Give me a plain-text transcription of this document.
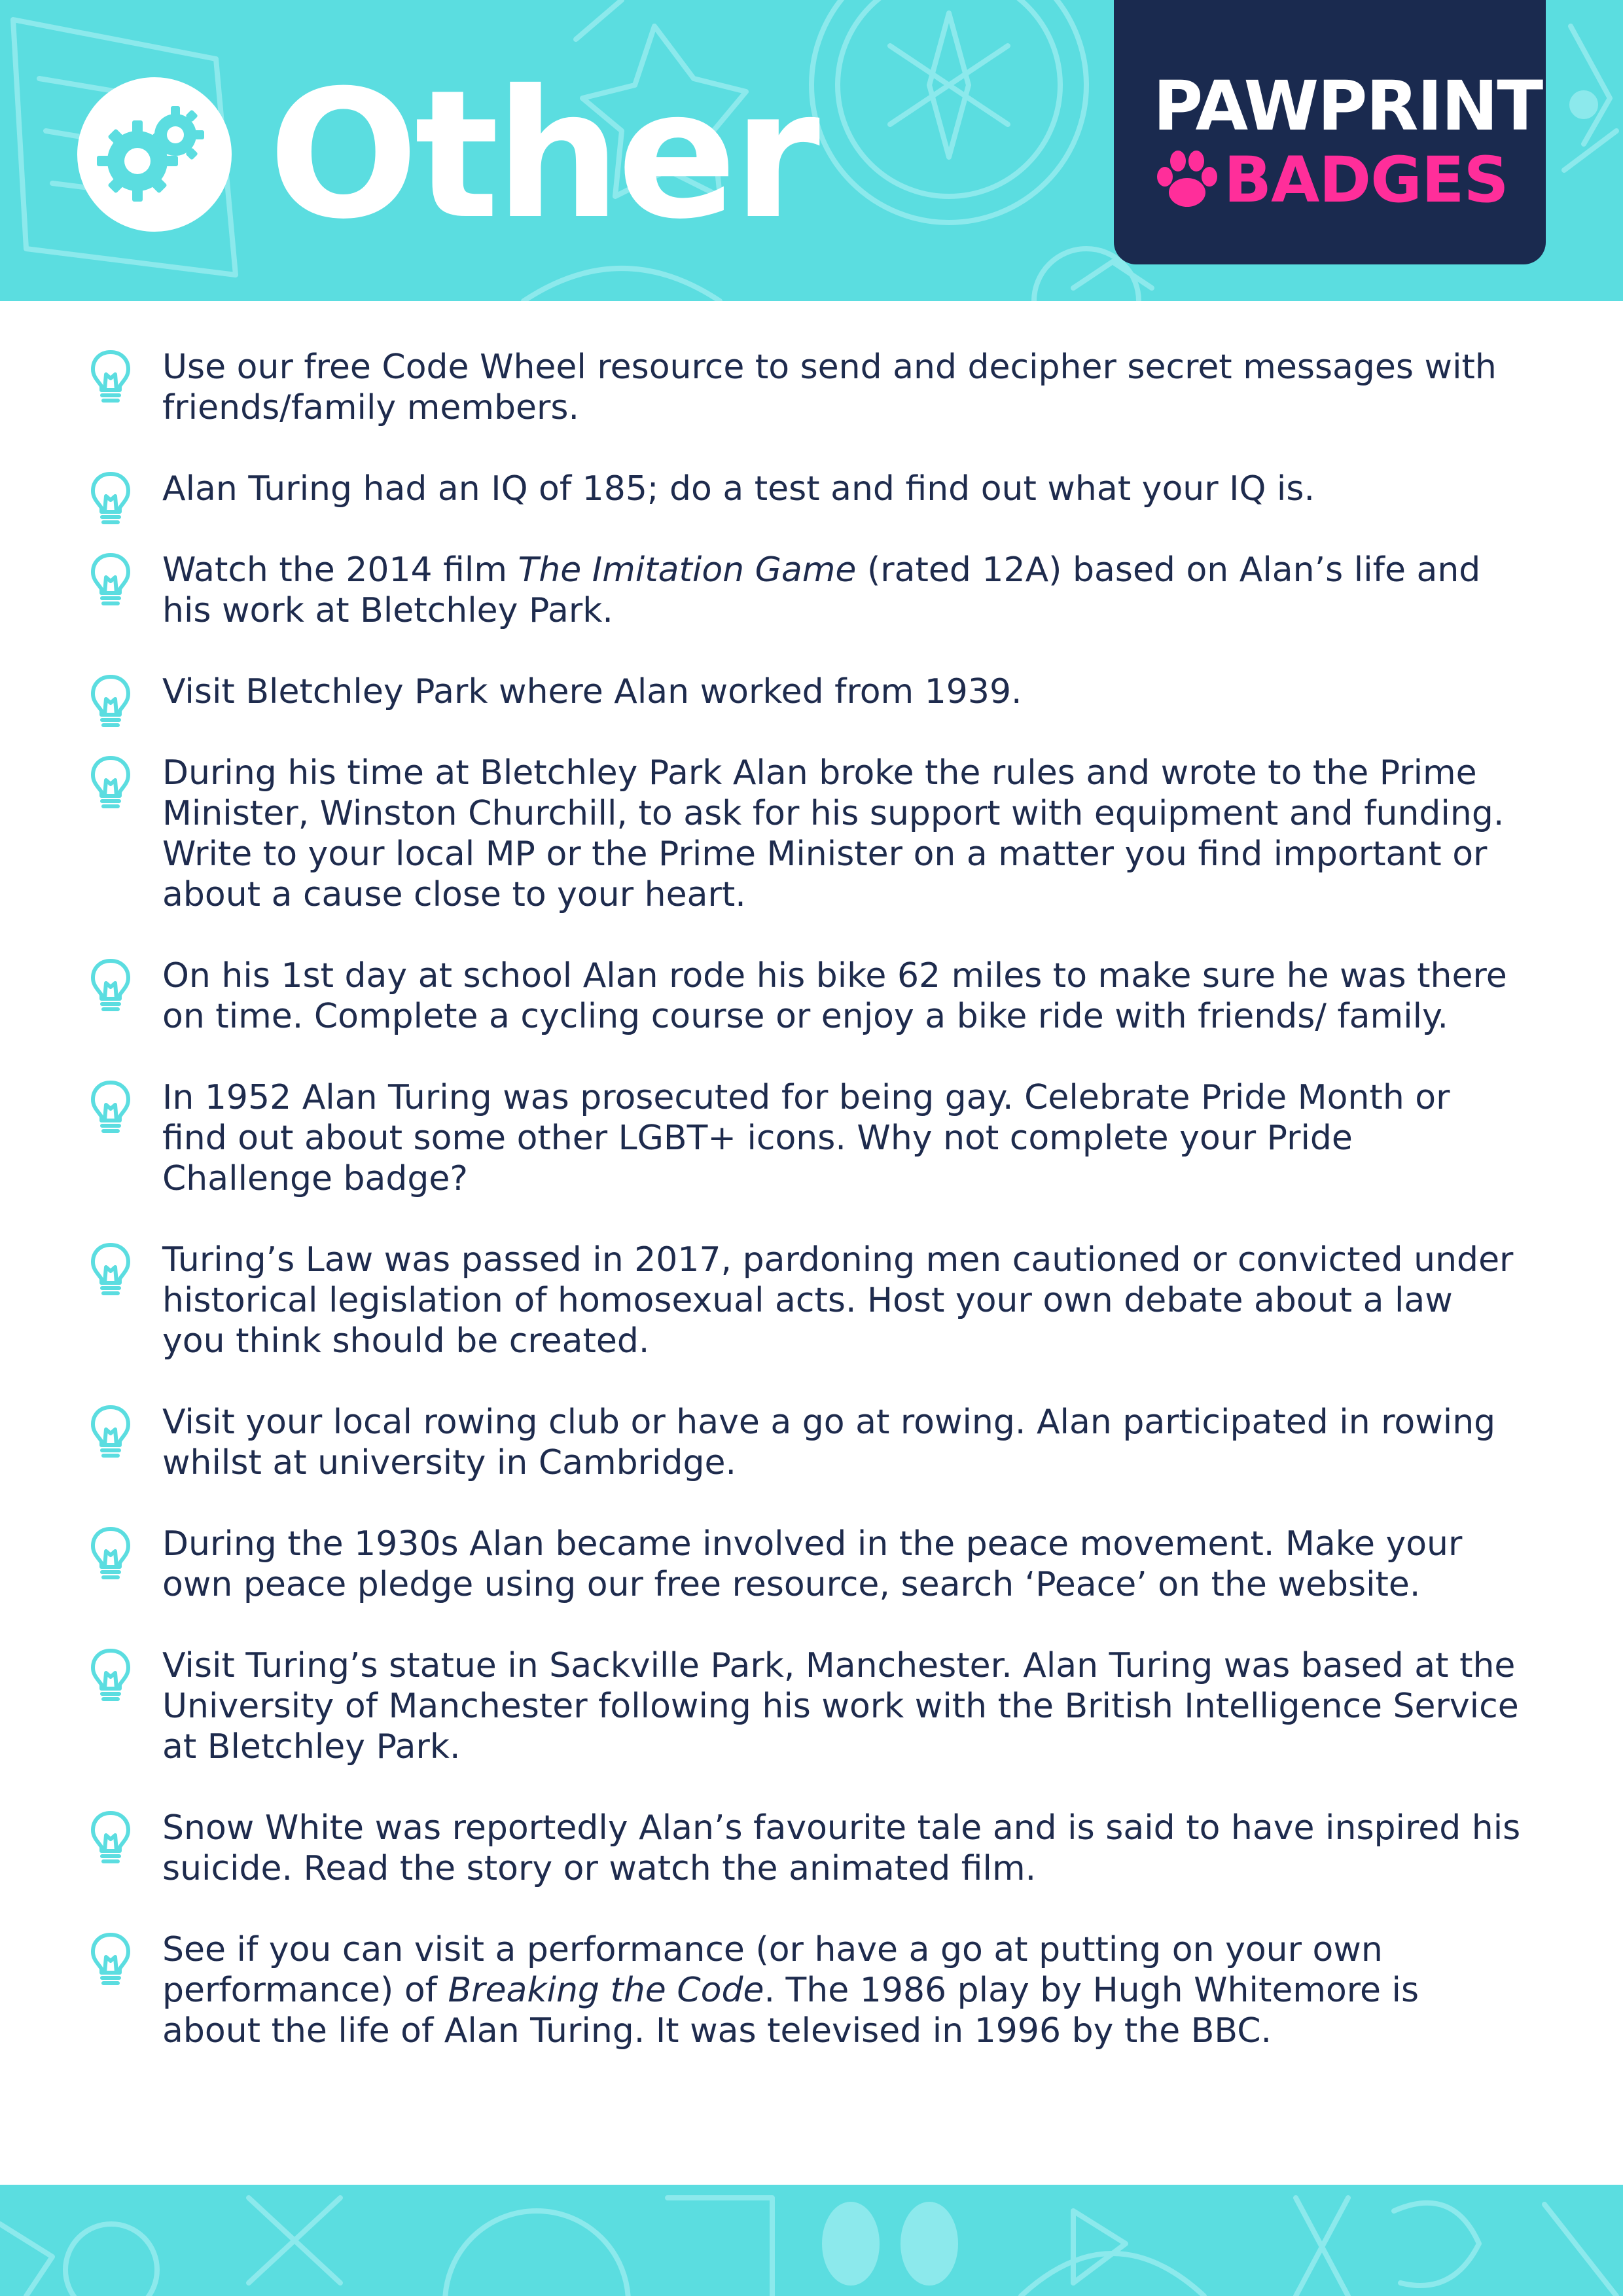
Other	PAWPRINT
BADGES

Use our free Code Wheel resource to send and decipher secret messages with friends/family members.

Alan Turing had an IQ of 185; do a test and find out what your IQ is.

Watch the 2014 film The Imitation Game (rated 12A) based on Alan’s life and his work at Bletchley Park.

Visit Bletchley Park where Alan worked from 1939.

During his time at Bletchley Park Alan broke the rules and wrote to the Prime Minister, Winston Churchill, to ask for his support with equipment and funding. Write to your local MP or the Prime Minister on a matter you find important or about a cause close to your heart.

On his 1st day at school Alan rode his bike 62 miles to make sure he was there on time. Complete a cycling course or enjoy a bike ride with friends/ family.

In 1952 Alan Turing was prosecuted for being gay. Celebrate Pride Month or find out about some other LGBT+ icons. Why not complete your Pride Challenge badge?

Turing’s Law was passed in 2017, pardoning men cautioned or convicted under historical legislation of homosexual acts. Host your own debate about a law you think should be created.

Visit your local rowing club or have a go at rowing. Alan participated in rowing whilst at university in Cambridge.

During the 1930s Alan became involved in the peace movement. Make your own peace pledge using our free resource, search ‘Peace’ on the website.

Visit Turing’s statue in Sackville Park, Manchester. Alan Turing was based at the University of Manchester following his work with the British Intelligence Service at Bletchley Park.

Snow White was reportedly Alan’s favourite tale and is said to have inspired his suicide. Read the story or watch the animated film.

See if you can visit a performance (or have a go at putting on your own performance) of Breaking the Code. The 1986 play by Hugh Whitemore is about the life of Alan Turing. It was televised in 1996 by the BBC.
